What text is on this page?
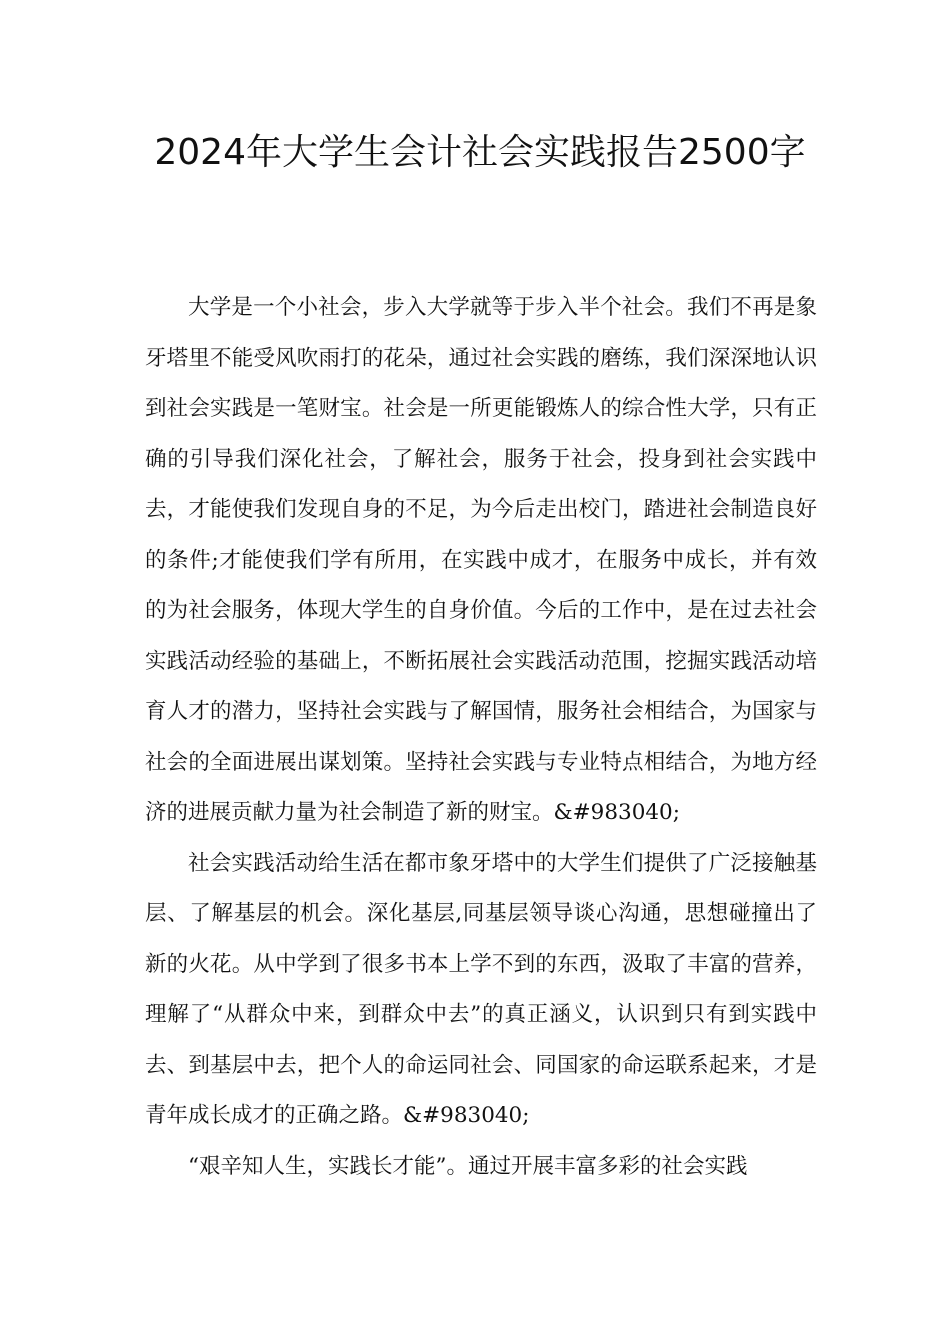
2024年大学生会计社会实践报告2500字

大学是一个小社会，步入大学就等于步入半个社会。我们不再是象牙塔里不能受风吹雨打的花朵，通过社会实践的磨练，我们深深地认识到社会实践是一笔财宝。社会是一所更能锻炼人的综合性大学，只有正确的引导我们深化社会，了解社会，服务于社会，投身到社会实践中去，才能使我们发现自身的不足，为今后走出校门，踏进社会制造良好的条件;才能使我们学有所用，在实践中成才，在服务中成长，并有效的为社会服务，体现大学生的自身价值。今后的工作中，是在过去社会实践活动经验的基础上，不断拓展社会实践活动范围，挖掘实践活动培育人才的潜力，坚持社会实践与了解国情，服务社会相结合，为国家与社会的全面进展出谋划策。坚持社会实践与专业特点相结合，为地方经济的进展贡献力量为社会制造了新的财宝。&#983040;

社会实践活动给生活在都市象牙塔中的大学生们提供了广泛接触基层、了解基层的机会。深化基层,同基层领导谈心沟通，思想碰撞出了新的火花。从中学到了很多书本上学不到的东西，汲取了丰富的营养，理解了“从群众中来，到群众中去”的真正涵义，认识到只有到实践中去、到基层中去，把个人的命运同社会、同国家的命运联系起来，才是青年成长成才的正确之路。&#983040;

“艰辛知人生，实践长才能”。通过开展丰富多彩的社会实践
